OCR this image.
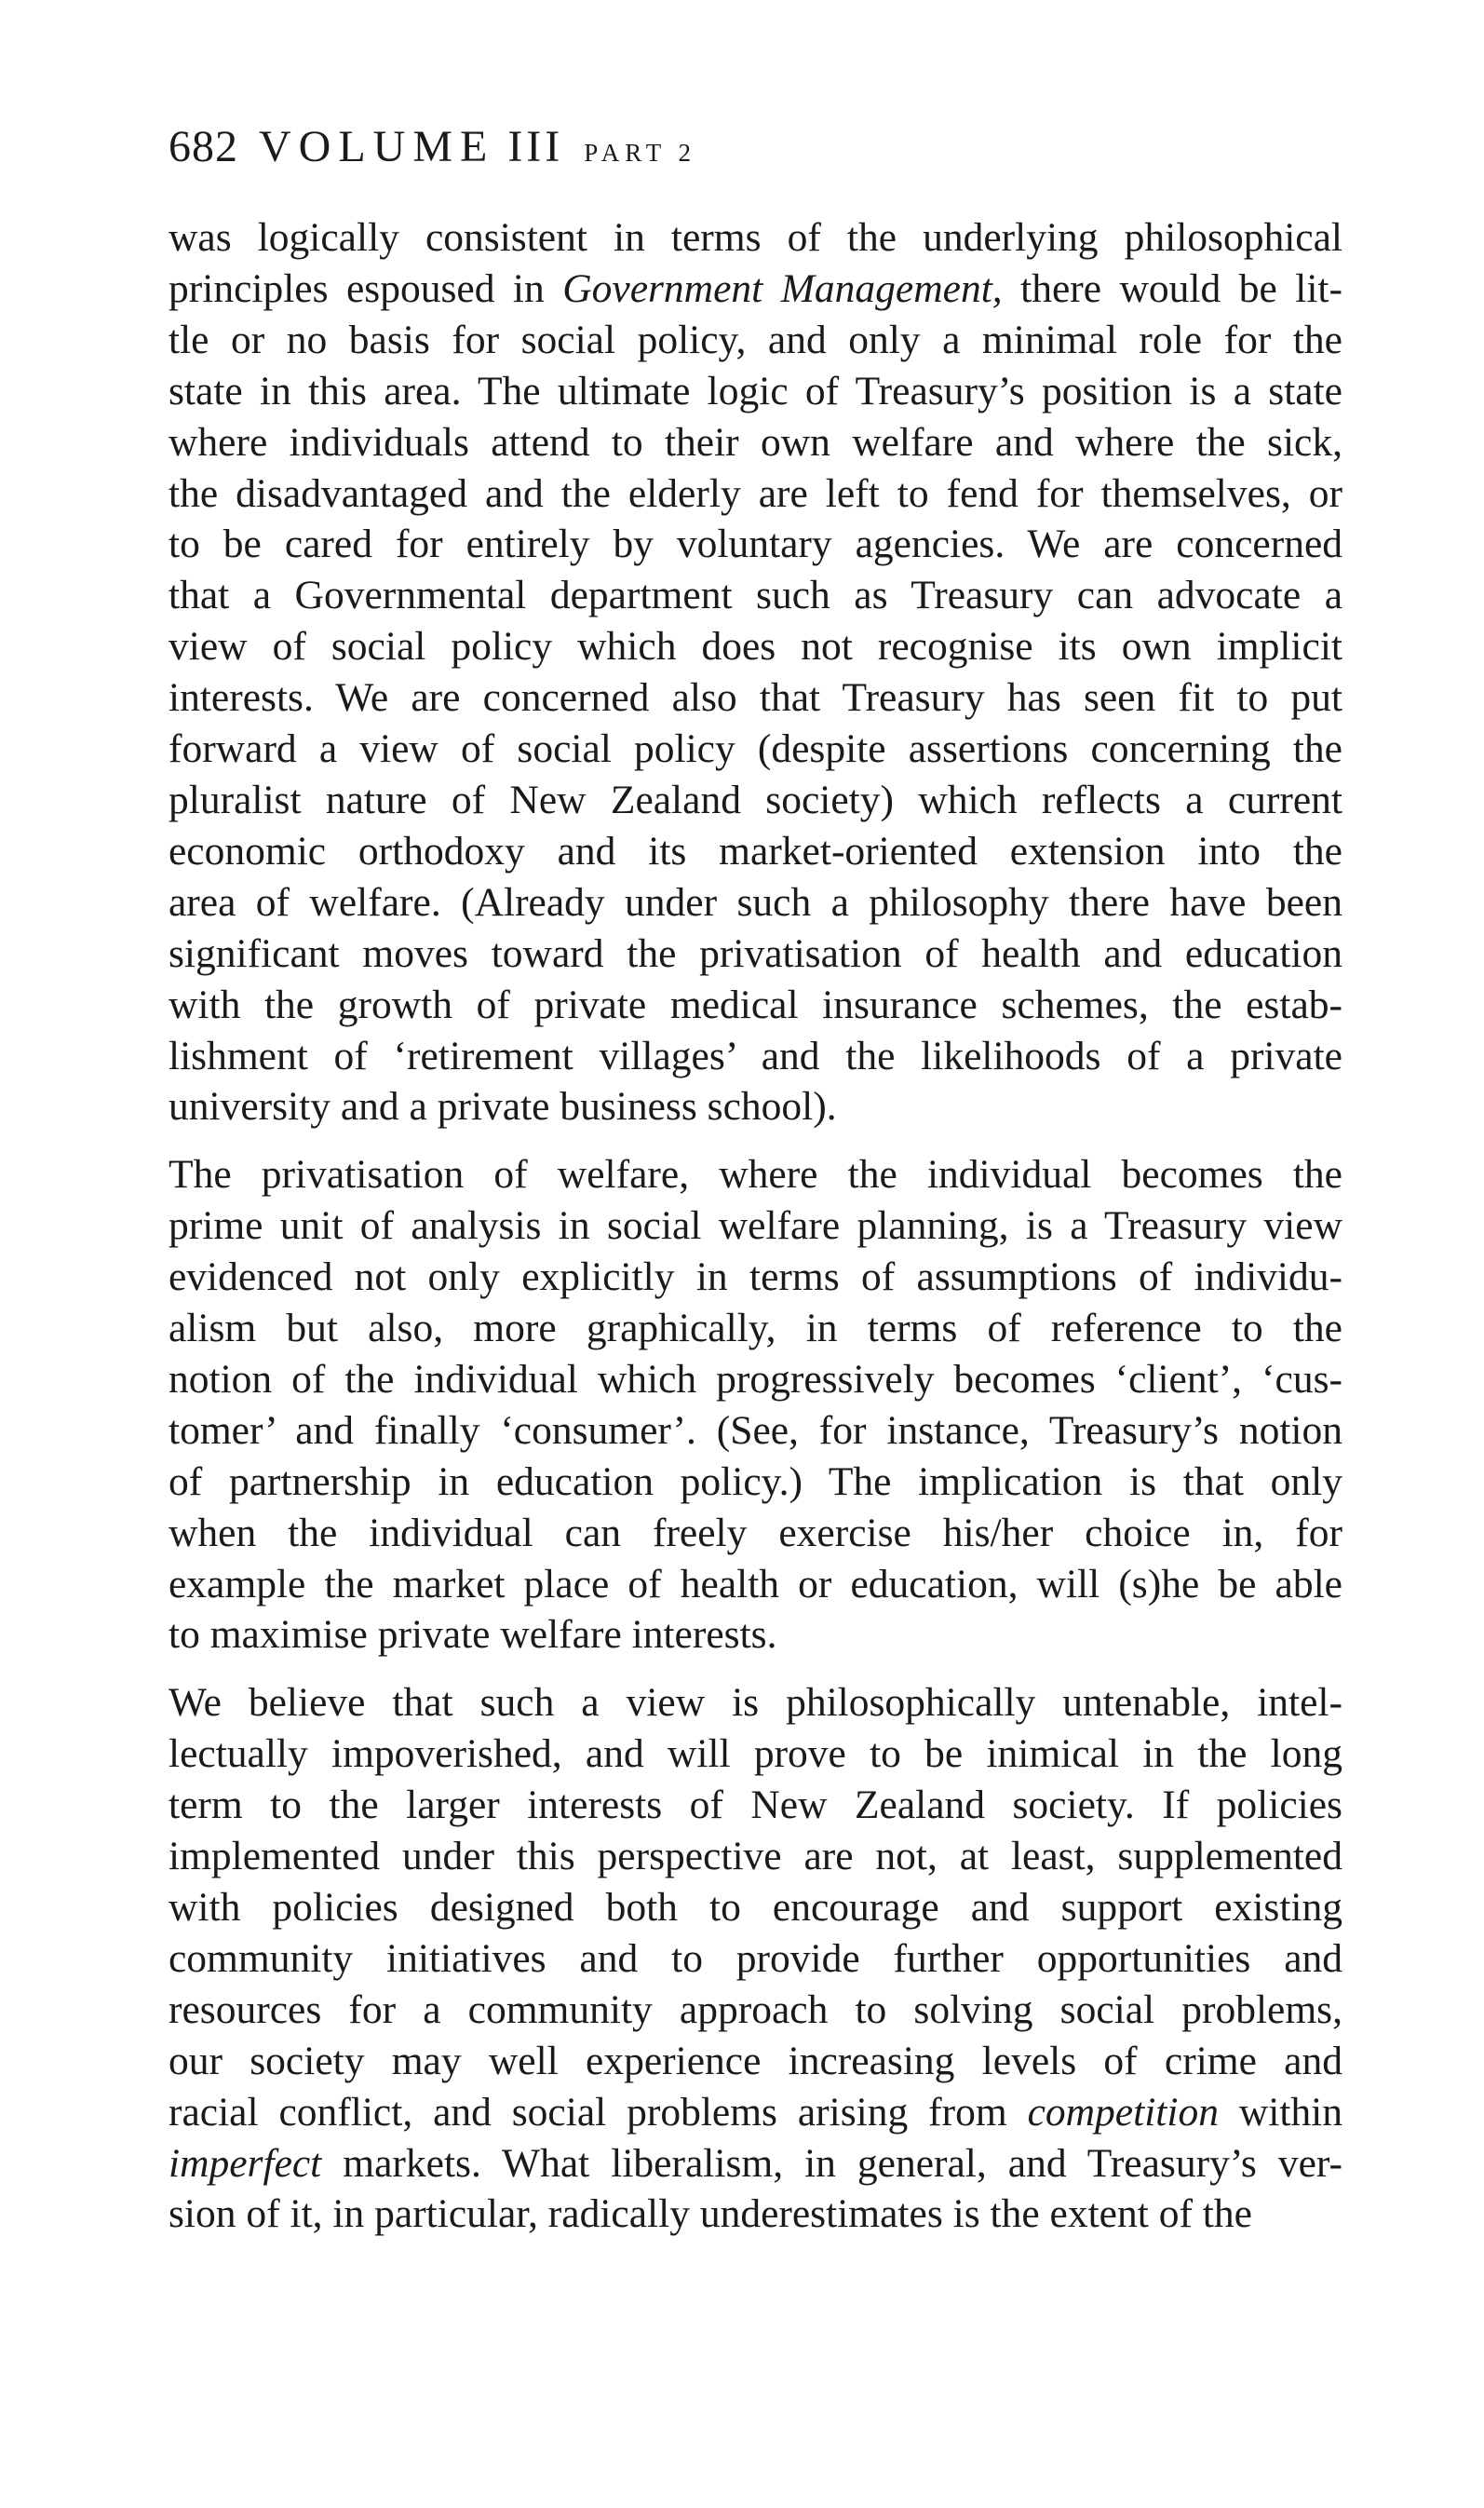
682 VOLUME III PART 2
was logically consistent in terms of the underlying philosophical
principles espoused in Government Management, there would be lit-
tle or no basis for social policy, and only a minimal role for the
state in this area. The ultimate logic of Treasury’s position is a state
where individuals attend to their own welfare and where the sick,
the disadvantaged and the elderly are left to fend for themselves, or
to be cared for entirely by voluntary agencies. We are concerned
that a Governmental department such as Treasury can advocate a
view of social policy which does not recognise its own implicit
interests. We are concerned also that Treasury has seen fit to put
forward a view of social policy (despite assertions concerning the
pluralist nature of New Zealand society) which reflects a current
economic orthodoxy and its market-oriented extension into the
area of welfare. (Already under such a philosophy there have been
significant moves toward the privatisation of health and education
with the growth of private medical insurance schemes, the estab-
lishment of ‘retirement villages’ and the likelihoods of a private
university and a private business school).
The privatisation of welfare, where the individual becomes the
prime unit of analysis in social welfare planning, is a Treasury view
evidenced not only explicitly in terms of assumptions of individu-
alism but also, more graphically, in terms of reference to the
notion of the individual which progressively becomes ‘client’, ‘cus-
tomer’ and finally ‘consumer’. (See, for instance, Treasury’s notion
of partnership in education policy.) The implication is that only
when the individual can freely exercise his/her choice in, for
example the market place of health or education, will (s)he be able
to maximise private welfare interests.
We believe that such a view is philosophically untenable, intel-
lectually impoverished, and will prove to be inimical in the long
term to the larger interests of New Zealand society. If policies
implemented under this perspective are not, at least, supplemented
with policies designed both to encourage and support existing
community initiatives and to provide further opportunities and
resources for a community approach to solving social problems,
our society may well experience increasing levels of crime and
racial conflict, and social problems arising from competition within
imperfect markets. What liberalism, in general, and Treasury’s ver-
sion of it, in particular, radically underestimates is the extent of the
